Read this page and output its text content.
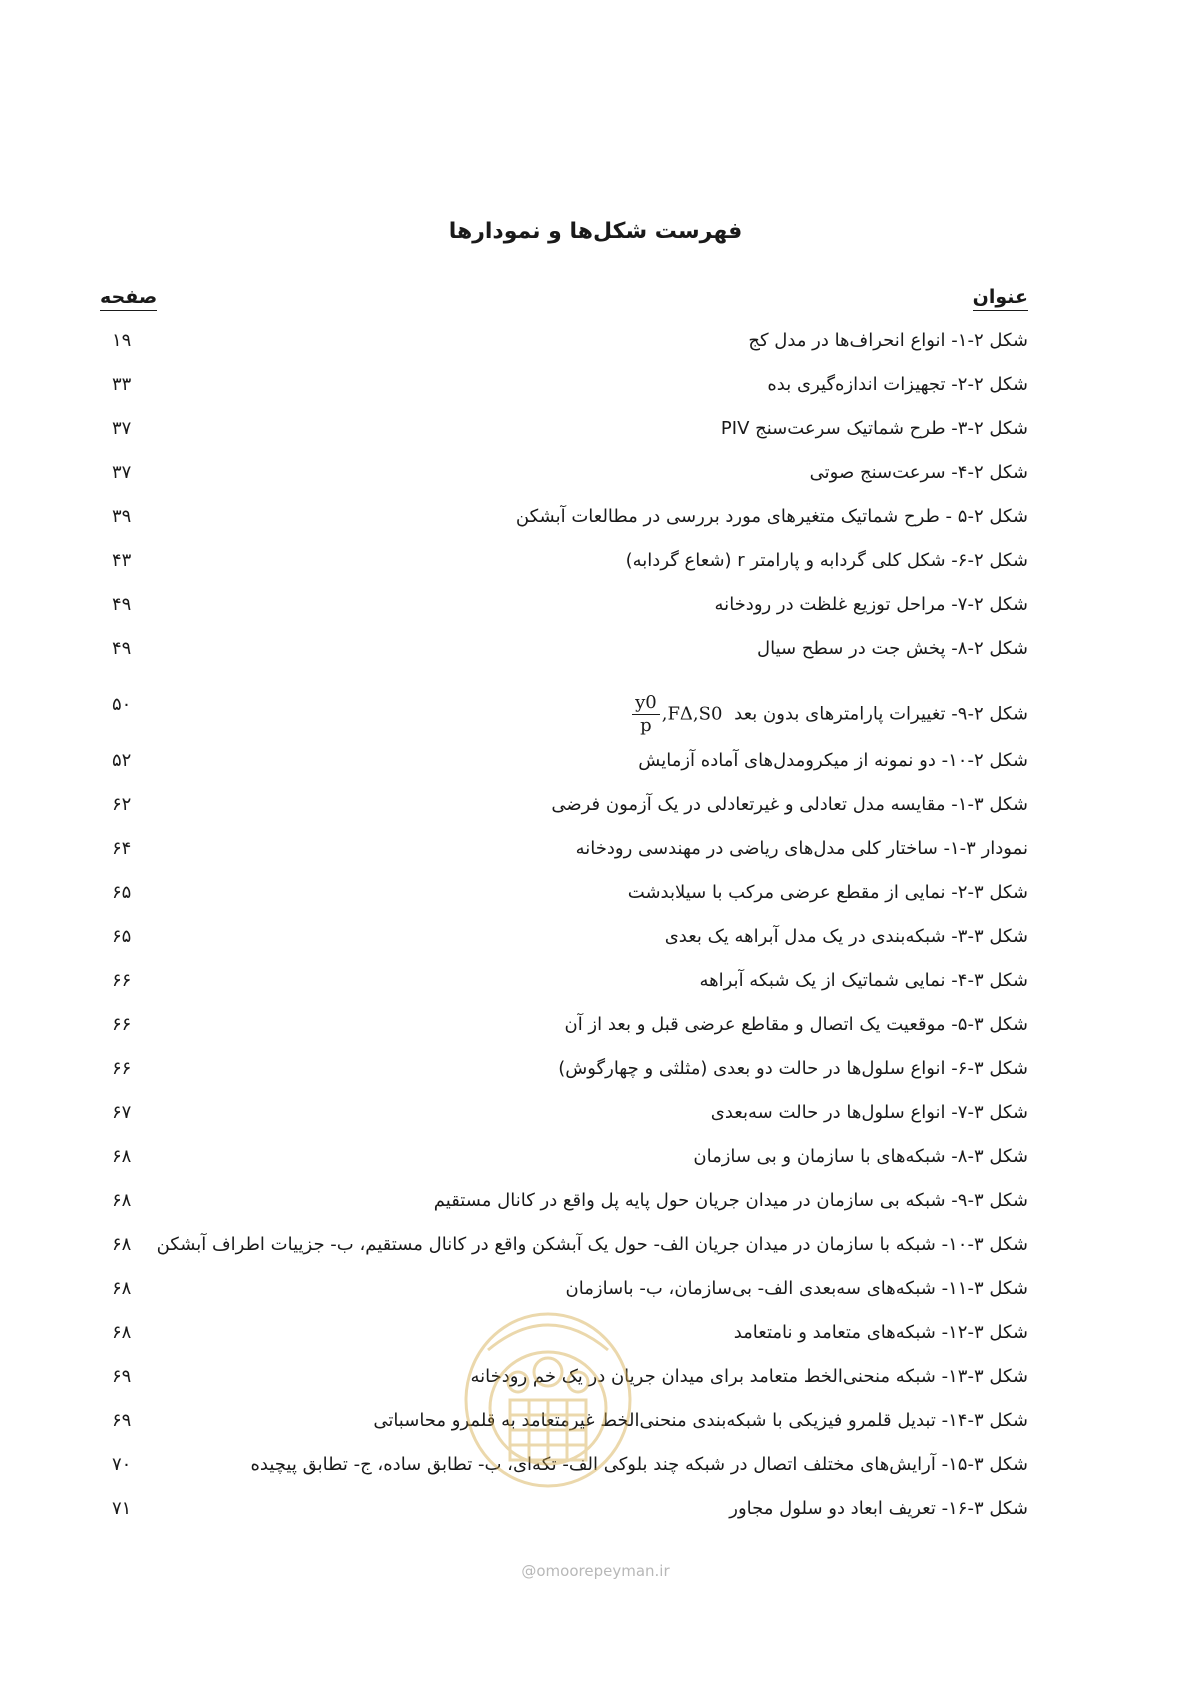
فهرست شکل‌ها و نمودارها
عنوان
صفحه
شکل ۲-۱- انواع انحراف‌ها در مدل کج
۱۹
شکل ۲-۲- تجهیزات اندازه‌گیری بده
۳۳
شکل ۲-۳- طرح شماتیک سرعت‌سنج PIV
۳۷
شکل ۲-۴- سرعت‌سنج صوتی
۳۷
شکل ۲-۵ - طرح شماتیک متغیرهای مورد بررسی در مطالعات آبشکن
۳۹
شکل ۲-۶- شکل کلی گردابه و پارامتر r (شعاع گردابه)
۴۳
شکل ۲-۷- مراحل توزیع غلظت در رودخانه
۴۹
شکل ۲-۸- پخش جت در سطح سیال
۴۹
شکل ۲-۹- تغییرات پارامترهای بدون بعد
$\frac{y0}{p} ,F\Delta,S0$
۵۰
شکل ۲-۱۰- دو نمونه از میکرومدل‌های آماده آزمایش
۵۲
شکل ۳-۱- مقایسه مدل تعادلی و غیرتعادلی در یک آزمون فرضی
۶۲
نمودار ۳-۱- ساختار کلی مدل‌های ریاضی در مهندسی رودخانه
۶۴
شکل ۳-۲- نمایی از مقطع عرضی مرکب با سیلابدشت
۶۵
شکل ۳-۳- شبکه‌بندی در یک مدل آبراهه یک بعدی
۶۵
شکل ۳-۴- نمایی شماتیک از یک شبکه آبراهه
۶۶
شکل ۳-۵- موقعیت یک اتصال و مقاطع عرضی قبل و بعد از آن
۶۶
شکل ۳-۶- انواع سلول‌ها در حالت دو بعدی (مثلثی و چهارگوش)
۶۶
شکل ۳-۷- انواع سلول‌ها در حالت سه‌بعدی
۶۷
شکل ۳-۸- شبکه‌های با سازمان و بی سازمان
۶۸
شکل ۳-۹- شبکه بی سازمان در میدان جریان حول پایه پل واقع در کانال مستقیم
۶۸
شکل ۳-۱۰- شبکه با سازمان در میدان جریان الف- حول یک آبشکن واقع در کانال مستقیم، ب- جزییات اطراف آبشکن
۶۸
شکل ۳-۱۱- شبکه‌های سه‌بعدی الف- بی‌سازمان، ب- باسازمان
۶۸
شکل ۳-۱۲- شبکه‌های متعامد و نامتعامد
۶۸
شکل ۳-۱۳- شبکه منحنی‌الخط متعامد برای میدان جریان در یک خم رودخانه
۶۹
شکل ۳-۱۴- تبدیل قلمرو فیزیکی با شبکه‌بندی منحنی‌الخط غیرمتعامد به قلمرو محاسباتی
۶۹
شکل ۳-۱۵- آرایش‌های مختلف اتصال در شبکه چند بلوکی الف- تکه‌ای، ب- تطابق ساده، ج- تطابق پیچیده
۷۰
شکل ۳-۱۶- تعریف ابعاد دو سلول مجاور
۷۱
@omoorepeyman.ir
